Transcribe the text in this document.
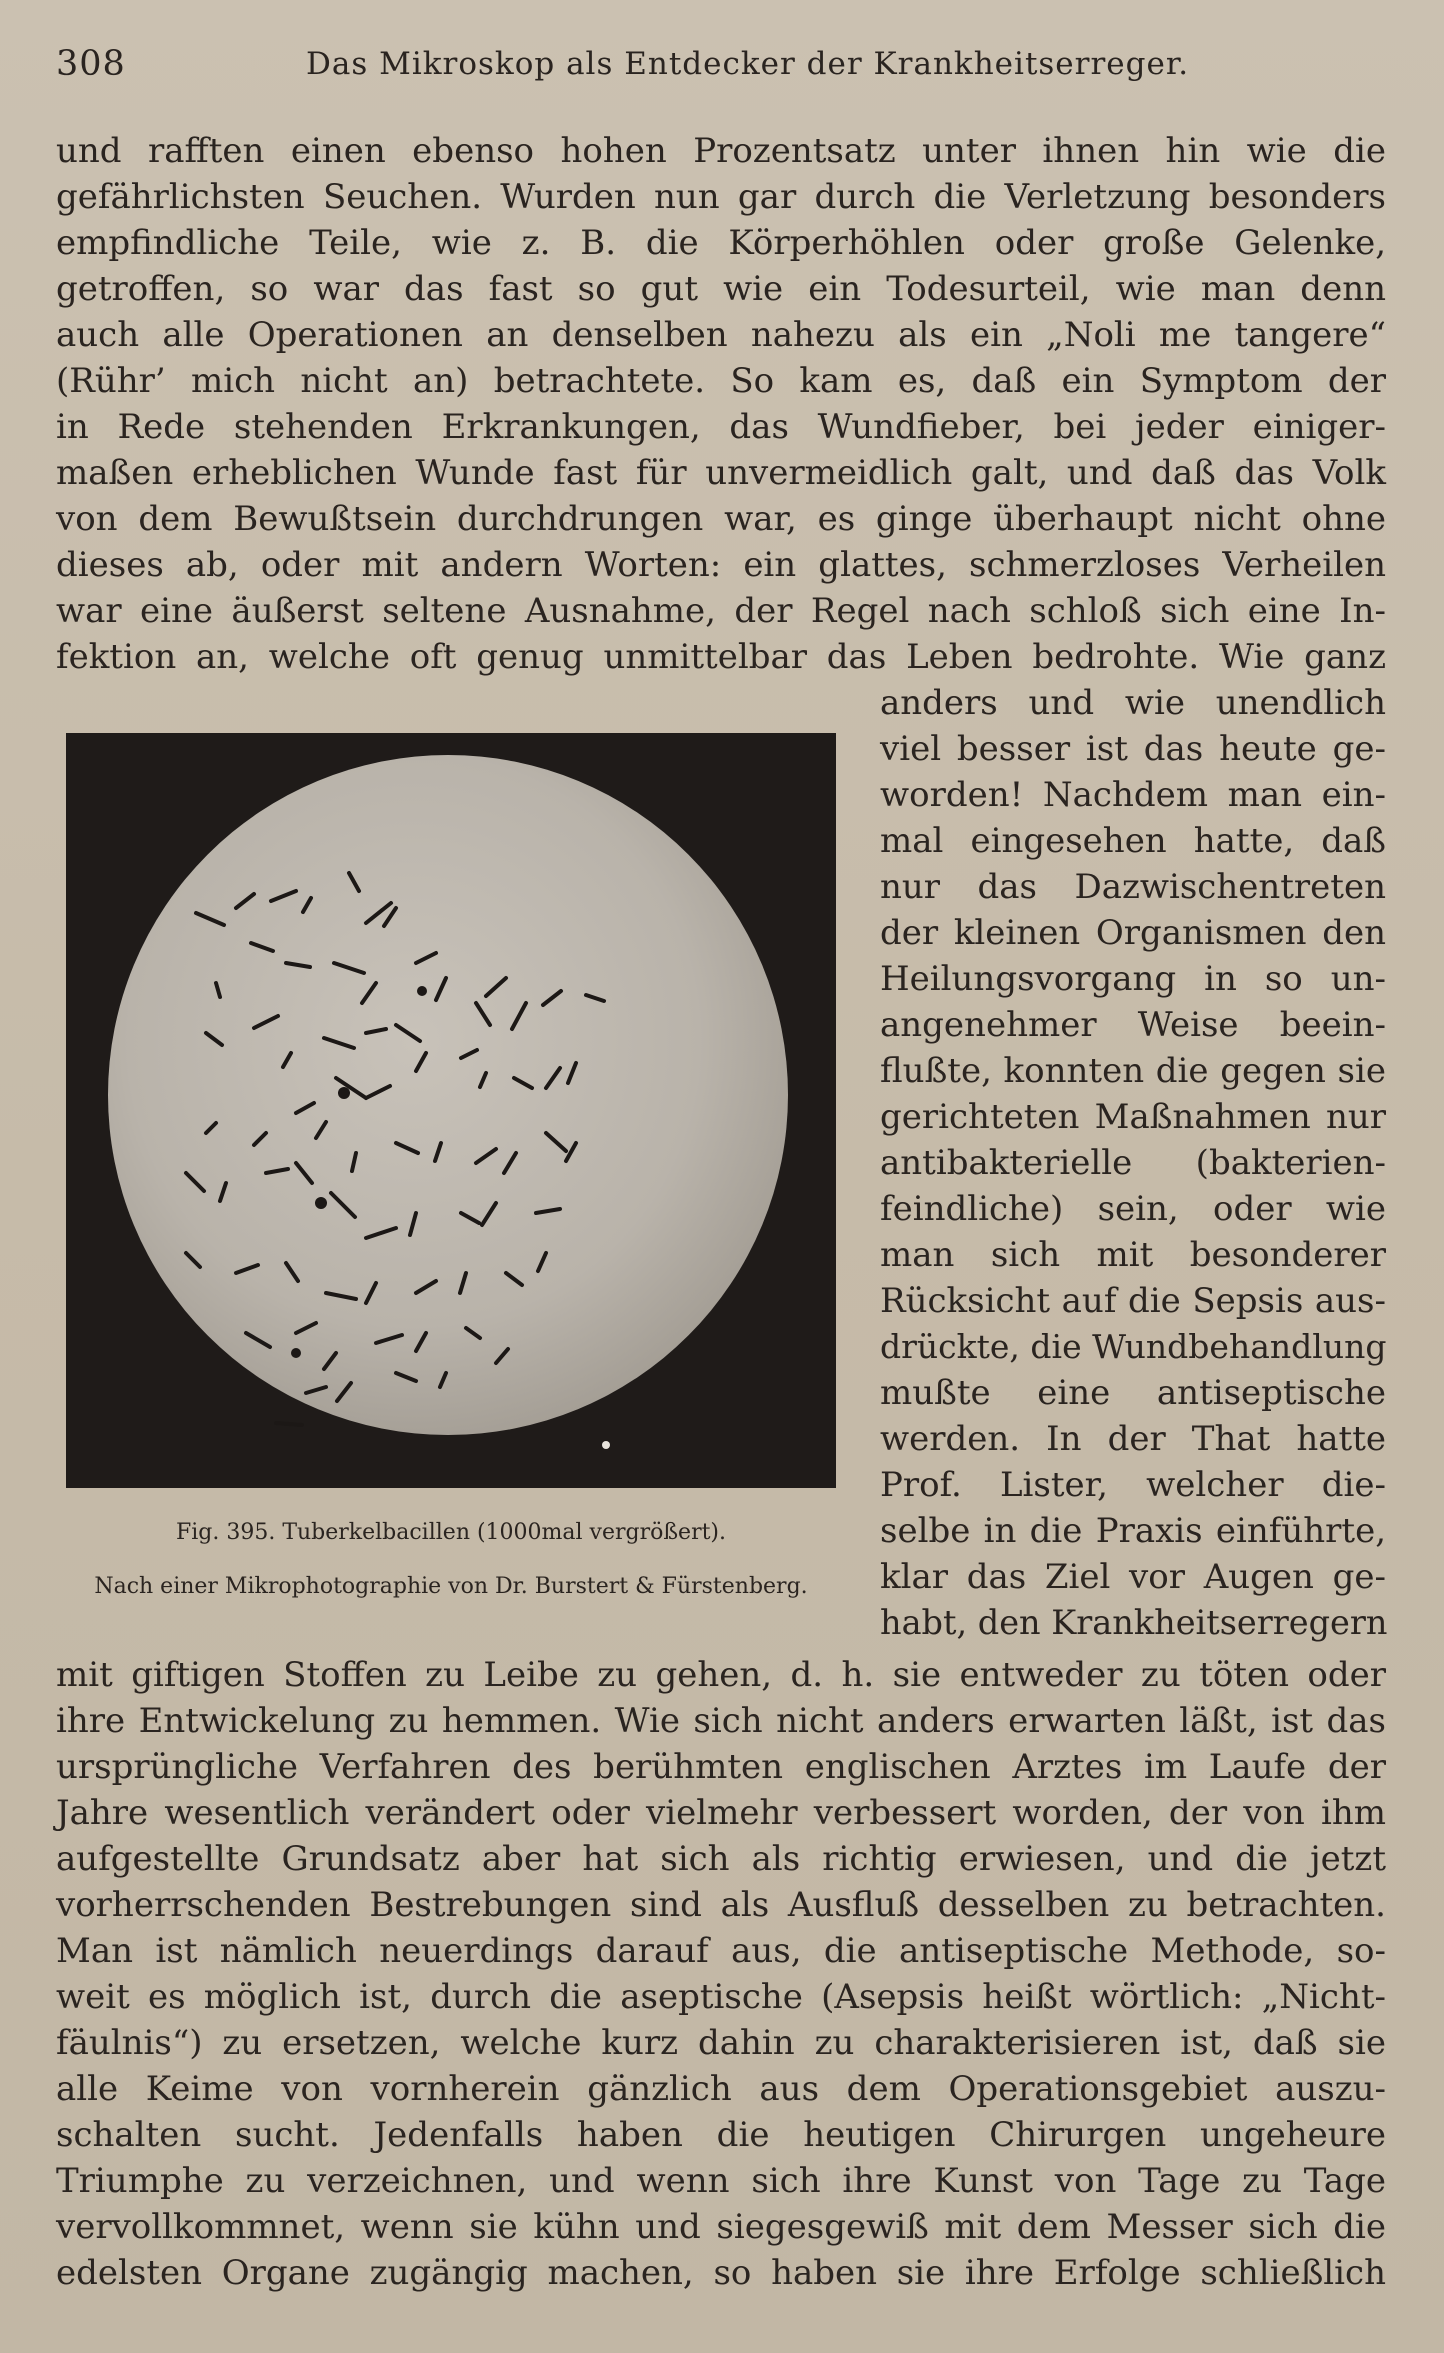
308	Das Mikroskop als Entdecker der Krankheitserreger.
und rafften einen ebenso hohen Prozentsatz unter ihnen hin wie die
gefährlichsten Seuchen. Wurden nun gar durch die Verletzung besonders
empfindliche Teile, wie z. B. die Körperhöhlen oder große Gelenke,
getroffen, so war das fast so gut wie ein Todesurteil, wie man denn
auch alle Operationen an denselben nahezu als ein „Noli me tangere“
(Rühr’ mich nicht an) betrachtete. So kam es, daß ein Symptom der
in Rede stehenden Erkrankungen, das Wundfieber, bei jeder einiger-
maßen erheblichen Wunde fast für unvermeidlich galt, und daß das Volk
von dem Bewußtsein durchdrungen war, es ginge überhaupt nicht ohne
dieses ab, oder mit andern Worten: ein glattes, schmerzloses Verheilen
war eine äußerst seltene Ausnahme, der Regel nach schloß sich eine In-
fektion an, welche oft genug unmittelbar das Leben bedrohte. Wie ganz
Fig. 395. Tuberkelbacillen (1000mal vergrößert).
Nach einer Mikrophotographie von Dr. Burstert & Fürstenberg.
anders und wie unendlich
viel besser ist das heute ge-
worden! Nachdem man ein-
mal eingesehen hatte, daß
nur das Dazwischentreten
der kleinen Organismen den
Heilungsvorgang in so un-
angenehmer Weise beein-
flußte, konnten die gegen sie
gerichteten Maßnahmen nur
antibakterielle (bakterien-
feindliche) sein, oder wie
man sich mit besonderer
Rücksicht auf die Sepsis aus-
drückte, die Wundbehandlung
mußte eine antiseptische
werden. In der That hatte
Prof. Lister, welcher die-
selbe in die Praxis einführte,
klar das Ziel vor Augen ge-
habt, den Krankheitserregern
mit giftigen Stoffen zu Leibe zu gehen, d. h. sie entweder zu töten oder
ihre Entwickelung zu hemmen. Wie sich nicht anders erwarten läßt, ist das
ursprüngliche Verfahren des berühmten englischen Arztes im Laufe der
Jahre wesentlich verändert oder vielmehr verbessert worden, der von ihm
aufgestellte Grundsatz aber hat sich als richtig erwiesen, und die jetzt
vorherrschenden Bestrebungen sind als Ausfluß desselben zu betrachten.
Man ist nämlich neuerdings darauf aus, die antiseptische Methode, so-
weit es möglich ist, durch die aseptische (Asepsis heißt wörtlich: „Nicht-
fäulnis“) zu ersetzen, welche kurz dahin zu charakterisieren ist, daß sie
alle Keime von vornherein gänzlich aus dem Operationsgebiet auszu-
schalten sucht. Jedenfalls haben die heutigen Chirurgen ungeheure
Triumphe zu verzeichnen, und wenn sich ihre Kunst von Tage zu Tage
vervollkommnet, wenn sie kühn und siegesgewiß mit dem Messer sich die
edelsten Organe zugängig machen, so haben sie ihre Erfolge schließlich
